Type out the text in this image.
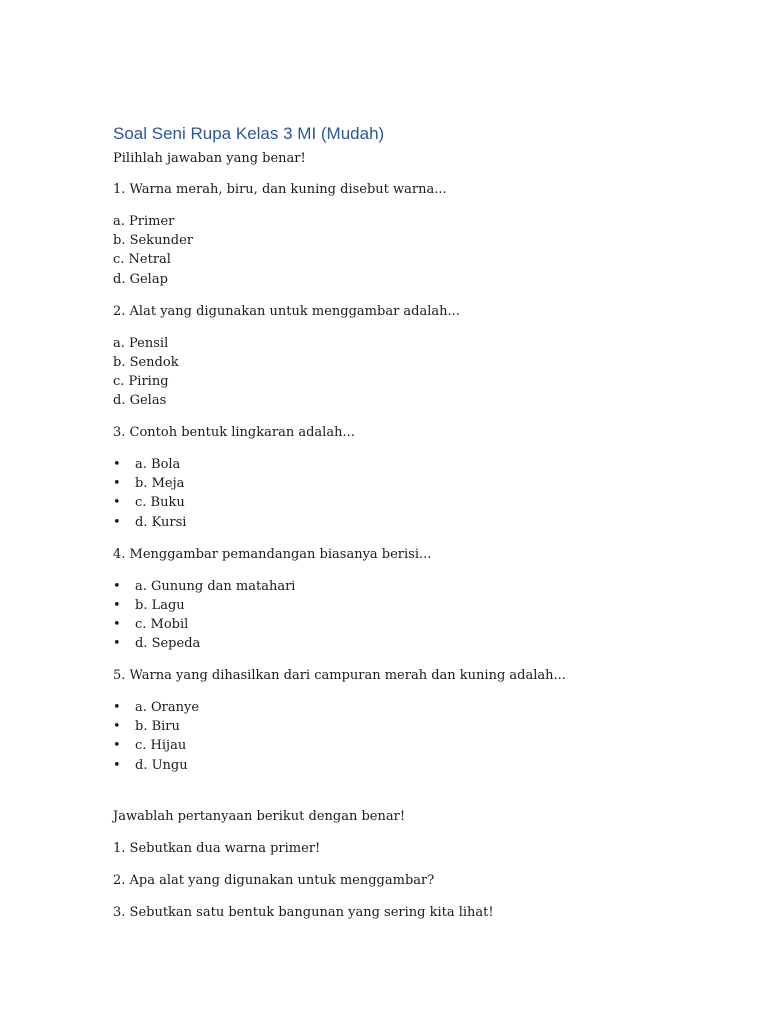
Soal Seni Rupa Kelas 3 MI (Mudah)
Pilihlah jawaban yang benar!
1. Warna merah, biru, dan kuning disebut warna...
a. Primer
b. Sekunder
c. Netral
d. Gelap
2. Alat yang digunakan untuk menggambar adalah...
a. Pensil
b. Sendok
c. Piring
d. Gelas
3. Contoh bentuk lingkaran adalah...
• a. Bola
• b. Meja
• c. Buku
• d. Kursi
4. Menggambar pemandangan biasanya berisi...
• a. Gunung dan matahari
• b. Lagu
• c. Mobil
• d. Sepeda
5. Warna yang dihasilkan dari campuran merah dan kuning adalah...
• a. Oranye
• b. Biru
• c. Hijau
• d. Ungu
Jawablah pertanyaan berikut dengan benar!
1. Sebutkan dua warna primer!
2. Apa alat yang digunakan untuk menggambar?
3. Sebutkan satu bentuk bangunan yang sering kita lihat!
